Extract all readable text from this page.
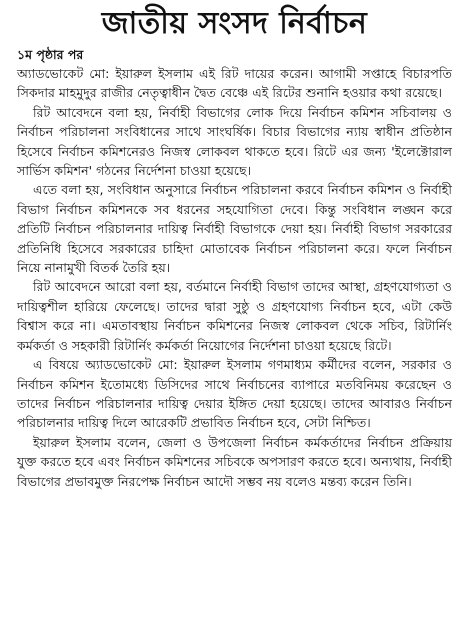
জাতীয় সংসদ নির্বাচন
১ম পৃষ্ঠার পর

অ্যাডভোকেট মো: ইয়ারুল ইসলাম এই রিট দায়ের করেন। আগামী সপ্তাহে বিচারপতি সিকদার মাহমুদুর রাজীর নেতৃত্বাধীন দ্বৈত বেঞ্চে এই রিটের শুনানি হওয়ার কথা রয়েছে।

রিট আবেদনে বলা হয়, নির্বাহী বিভাগের লোক দিয়ে নির্বাচন কমিশন সচিবালয় ও নির্বাচন পরিচালনা সংবিধানের সাথে সাংঘর্ষিক। বিচার বিভাগের ন্যায় স্বাধীন প্রতিষ্ঠান হিসেবে নির্বাচন কমিশনেরও নিজস্ব লোকবল থাকতে হবে। রিটে এর জন্য 'ইলেক্টোরাল সার্ভিস কমিশন' গঠনের নির্দেশনা চাওয়া হয়েছে।

এতে বলা হয়, সংবিধান অনুসারে নির্বাচন পরিচালনা করবে নির্বাচন কমিশন ও নির্বাহী বিভাগ নির্বাচন কমিশনকে সব ধরনের সহযোগিতা দেবে। কিন্তু সংবিধান লঙ্ঘন করে প্রতিটি নির্বাচন পরিচালনার দায়িত্ব নির্বাহী বিভাগকে দেয়া হয়। নির্বাহী বিভাগ সরকারের প্রতিনিধি হিসেবে সরকারের চাহিদা মোতাবেক নির্বাচন পরিচালনা করে। ফলে নির্বাচন নিয়ে নানামুখী বিতর্ক তৈরি হয়।

রিট আবেদনে আরো বলা হয়, বর্তমানে নির্বাহী বিভাগ তাদের আস্থা, গ্রহণযোগ্যতা ও দায়িত্বশীল হারিয়ে ফেলেছে। তাদের দ্বারা সুষ্ঠু ও গ্রহণযোগ্য নির্বাচন হবে, এটা কেউ বিশ্বাস করে না। এমতাবস্থায় নির্বাচন কমিশনের নিজস্ব লোকবল থেকে সচিব, রিটার্নিং কর্মকর্তা ও সহকারী রিটার্নিং কর্মকর্তা নিয়োগের নির্দেশনা চাওয়া হয়েছে রিটে।

এ বিষয়ে অ্যাডভোকেট মো: ইয়ারুল ইসলাম গণমাধ্যম কর্মীদের বলেন, সরকার ও নির্বাচন কমিশন ইতোমধ্যে ডিসিদের সাথে নির্বাচনের ব্যাপারে মতবিনিময় করেছেন ও তাদের নির্বাচন পরিচালনার দায়িত্ব দেয়ার ইঙ্গিত দেয়া হয়েছে। তাদের আবারও নির্বাচন পরিচালনার দায়িত্ব দিলে আরেকটি প্রভাবিত নির্বাচন হবে, সেটা নিশ্চিত।

ইয়ারুল ইসলাম বলেন, জেলা ও উপজেলা নির্বাচন কর্মকর্তাদের নির্বাচন প্রক্রিয়ায় যুক্ত করতে হবে এবং নির্বাচন কমিশনের সচিবকে অপসারণ করতে হবে। অন্যথায়, নির্বাহী বিভাগের প্রভাবমুক্ত নিরপেক্ষ নির্বাচন আদৌ সম্ভব নয় বলেও মন্তব্য করেন তিনি।
